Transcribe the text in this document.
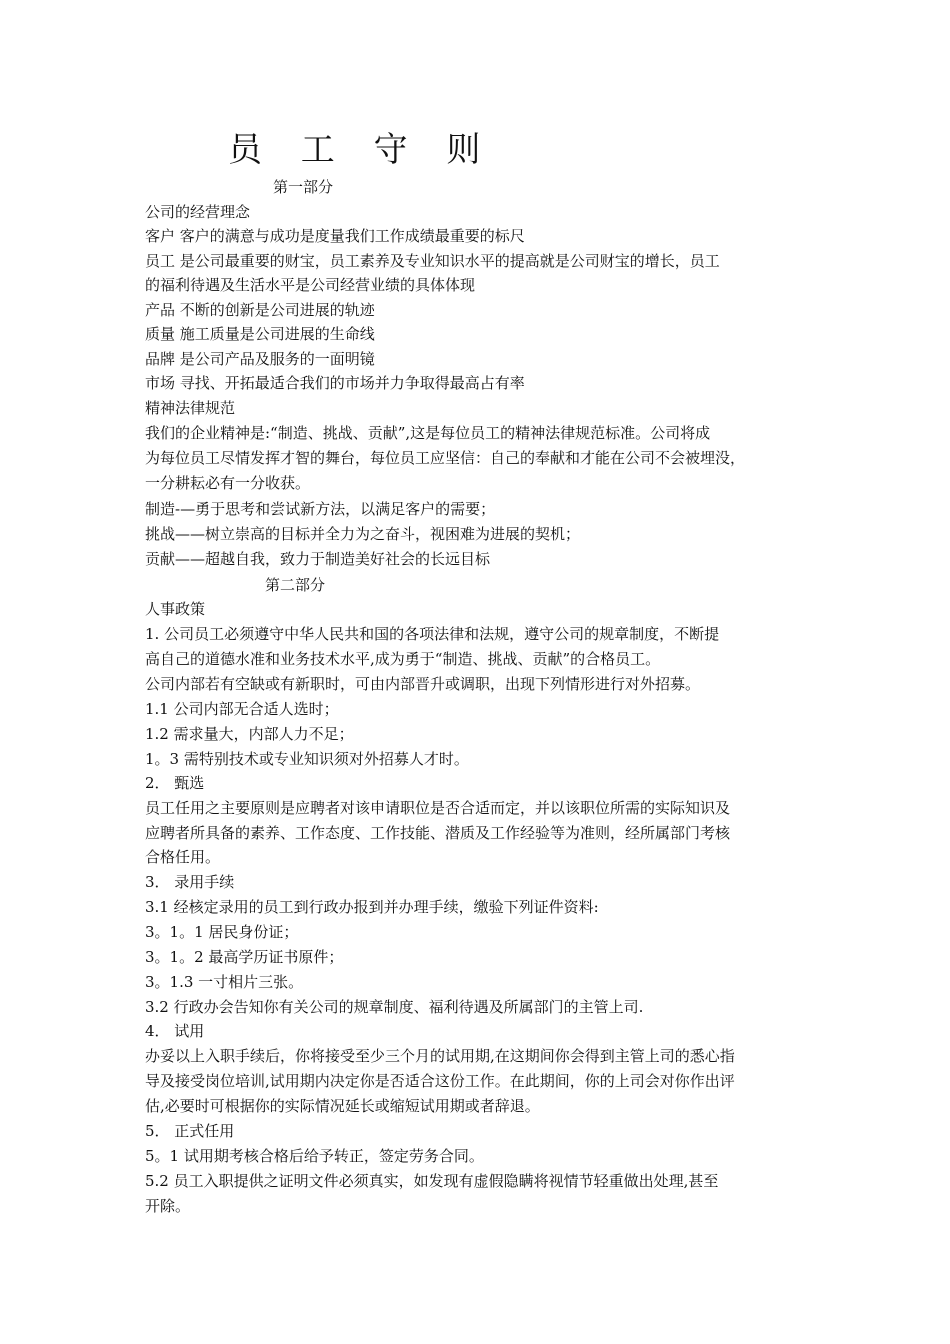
员 工 守 则
第一部分
公司的经营理念
客户 客户的满意与成功是度量我们工作成绩最重要的标尺
员工 是公司最重要的财宝，员工素养及专业知识水平的提高就是公司财宝的增长，员工
的福利待遇及生活水平是公司经营业绩的具体体现
产品 不断的创新是公司进展的轨迹
质量 施工质量是公司进展的生命线
品牌 是公司产品及服务的一面明镜
市场 寻找、开拓最适合我们的市场并力争取得最高占有率
精神法律规范
我们的企业精神是:“制造、挑战、贡献”,这是每位员工的精神法律规范标准。公司将成
为每位员工尽情发挥才智的舞台，每位员工应坚信：自己的奉献和才能在公司不会被埋没，
一分耕耘必有一分收获。
制造-—勇于思考和尝试新方法，以满足客户的需要；
挑战——树立崇高的目标并全力为之奋斗，视困难为进展的契机；
贡献——超越自我，致力于制造美好社会的长远目标
第二部分
人事政策
1. 公司员工必须遵守中华人民共和国的各项法律和法规，遵守公司的规章制度，不断提
高自己的道德水准和业务技术水平,成为勇于“制造、挑战、贡献”的合格员工。
公司内部若有空缺或有新职时，可由内部晋升或调职，出现下列情形进行对外招募。
1.1 公司内部无合适人选时；
1.2 需求量大，内部人力不足；
1。3 需特别技术或专业知识须对外招募人才时。
2． 甄选
员工任用之主要原则是应聘者对该申请职位是否合适而定，并以该职位所需的实际知识及
应聘者所具备的素养、工作态度、工作技能、潜质及工作经验等为准则，经所属部门考核
合格任用。
3． 录用手续
3.1 经核定录用的员工到行政办报到并办理手续，缴验下列证件资料:
3。1。1 居民身份证；
3。1。2 最高学历证书原件；
3。1.3 一寸相片三张。
3.2 行政办会告知你有关公司的规章制度、福利待遇及所属部门的主管上司.
4． 试用
办妥以上入职手续后，你将接受至少三个月的试用期,在这期间你会得到主管上司的悉心指
导及接受岗位培训,试用期内决定你是否适合这份工作。在此期间，你的上司会对你作出评
估,必要时可根据你的实际情况延长或缩短试用期或者辞退。
5． 正式任用
5。1 试用期考核合格后给予转正，签定劳务合同。
5.2 员工入职提供之证明文件必须真实，如发现有虚假隐瞒将视情节轻重做出处理,甚至
开除。
